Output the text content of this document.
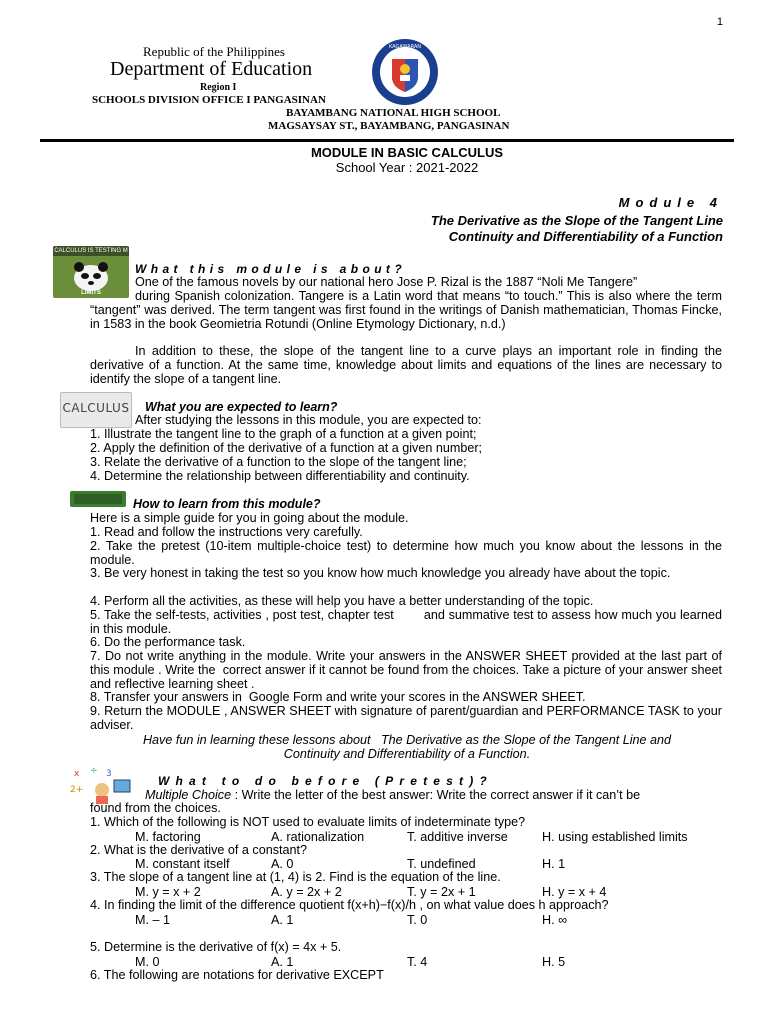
1
Republic of the Philippines
Department of Education
Region I
SCHOOLS DIVISION OFFICE I PANGASINAN
BAYAMBANG NATIONAL HIGH SCHOOL
MAGSAYSAY ST., BAYAMBANG, PANGASINAN
KAGAWARAN
MODULE IN BASIC CALCULUS
School Year : 2021-2022
Module 4
The Derivative as the Slope of the Tangent Line
Continuity and Differentiability of a Function
CALCULUS IS TESTING M
LIMITS
What this module is about?
One of the famous novels by our national hero Jose P. Rizal is the 1887 “Noli Me Tangere”
during Spanish colonization. Tangere is a Latin word that means “to touch.” This is also where the term “tangent” was derived. The term tangent was first found in the writings of Danish mathematician, Thomas Fincke, in 1583 in the book Geomietria Rotundi (Online Etymology Dictionary, n.d.)
In addition to these, the slope of the tangent line to a curve plays an important role in finding the derivative of a function. At the same time, knowledge about limits and equations of the lines are necessary to identify the slope of a tangent line.
CALCULUS What you are expected to learn?
After studying the lessons in this module, you are expected to:
1. Illustrate the tangent line to the graph of a function at a given point;
2. Apply the definition of the derivative of a function at a given number;
3. Relate the derivative of a function to the slope of the tangent line;
4. Determine the relationship between differentiability and continuity.
How to learn from this module?
Here is a simple guide for you in going about the module.
1. Read and follow the instructions very carefully.
2. Take the pretest (10-item multiple-choice test) to determine how much you know about the lessons in the module.
3. Be very honest in taking the test so you know how much knowledge you already have about the topic.
4. Perform all the activities, as these will help you have a better understanding of the topic.
5. Take the self-tests, activities , post test, chapter test        and summative test to assess how much you learned in this module.
6. Do the performance task.
7. Do not write anything in the module. Write your answers in the ANSWER SHEET provided at the last part of this module . Write the  correct answer if it cannot be found from the choices. Take a picture of your answer sheet and reflective learning sheet .
8. Transfer your answers in  Google Form and write your scores in the ANSWER SHEET.
9. Return the MODULE , ANSWER SHEET with signature of parent/guardian and PERFORMANCE TASK to your adviser.
Have fun in learning these lessons about   The Derivative as the Slope of the Tangent Line and
Continuity and Differentiability of a Function.
x ÷ 3
2+
What to do before (Pretest)?
Multiple Choice : Write the letter of the best answer: Write the correct answer if it can’t be
found from the choices.
1. Which of the following is NOT used to evaluate limits of indeterminate type?
M. factoring	A. rationalization	T. additive inverse	H. using established limits
2. What is the derivative of a constant?
M. constant itself	A. 0	T. undefined	H. 1
3. The slope of a tangent line at (1, 4) is 2. Find is the equation of the line.
M. y = x + 2	A. y = 2x + 2	T. y = 2x + 1	H. y = x + 4
4. In finding the limit of the difference quotient f(x+h)−f(x)/h , on what value does h approach?
M. – 1	A. 1	T. 0	H. ∞
5. Determine is the derivative of f(x) = 4x + 5.
M. 0	A. 1	T. 4	H. 5
6. The following are notations for derivative EXCEPT
